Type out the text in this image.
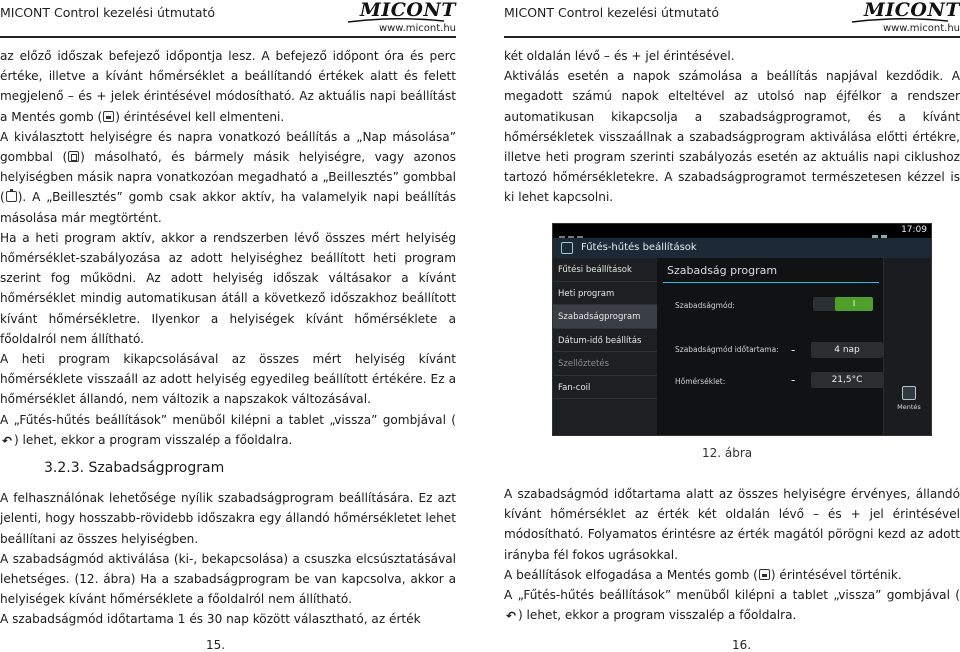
MICONT Control kezelési útmutató	MICONT
www.micont.hu

az előző időszak befejező időpontja lesz. A befejező időpont óra és perc értéke, illetve a kívánt hőmérséklet a beállítandó értékek alatt és felett megjelenő – és + jelek érintésével módosítható. Az aktuális napi beállítást a Mentés gomb ( ) érintésével kell elmenteni.

A kiválasztott helyiségre és napra vonatkozó beállítás a „Nap másolása” gombbal ( ) másolható, és bármely másik helyiségre, vagy azonos helyiségben másik napra vonatkozóan megadható a „Beillesztés” gombbal ( ). A „Beillesztés” gomb csak akkor aktív, ha valamelyik napi beállítás másolása már megtörtént.

Ha a heti program aktív, akkor a rendszerben lévő összes mért helyiség hőmérséklet-szabályozása az adott helyiséghez beállított heti program szerint fog működni. Az adott helyiség időszak váltásakor a kívánt hőmérséklet mindig automatikusan átáll a következő időszakhoz beállított kívánt hőmérsékletre. Ilyenkor a helyiségek kívánt hőmérséklete a főoldalról nem állítható.

A heti program kikapcsolásával az összes mért helyiség kívánt hőmérséklete visszaáll az adott helyiség egyedileg beállított értékére. Ez a hőmérséklet állandó, nem változik a napszakok változásával.

A „Fűtés-hűtés beállítások” menüből kilépni a tablet „vissza” gombjával (↶ ) lehet, ekkor a program visszalép a főoldalra.

3.2.3. Szabadságprogram

A felhasználónak lehetősége nyílik szabadságprogram beállítására. Ez azt jelenti, hogy hosszabb-rövidebb időszakra egy állandó hőmérsékletet lehet beállítani az összes helyiségben.

A szabadságmód aktiválása (ki-, bekapcsolása) a csuszka elcsúsztatásával lehetséges. (12. ábra) Ha a szabadságprogram be van kapcsolva, akkor a helyiségek kívánt hőmérséklete a főoldalról nem állítható.

A szabadságmód időtartama 1 és 30 nap között választható, az érték

15.
MICONT Control kezelési útmutató	MICONT
www.micont.hu

két oldalán lévő – és + jel érintésével.

Aktiválás esetén a napok számolása a beállítás napjával kezdődik. A megadott számú napok elteltével az utolsó nap éjfélkor a rendszer automatikusan kikapcsolja a szabadságprogramot, és a kívánt hőmérsékletek visszaállnak a szabadságprogram aktiválása előtti értékre, illetve heti program szerinti szabályozás esetén az aktuális napi ciklushoz tartozó hőmérsékletekre. A szabadságprogramot természetesen kézzel is ki lehet kapcsolni.

17:09
Fűtés-hűtés beállítások
Fűtési beállítások
Heti program
Szabadságprogram
Dátum-idő beállítás
Szellőztetés
Fan-coil
Szabadság program
Szabadságmód:	I
Szabadságmód időtartama: -	4 nap
Hőmérséklet:	-	21,5°C
Mentés
12. ábra

A szabadságmód időtartama alatt az összes helyiségre érvényes, állandó kívánt hőmérséklet az érték két oldalán lévő – és + jel érintésével módosítható. Folyamatos érintésre az érték magától pörögni kezd az adott irányba fél fokos ugrásokkal.

A beállítások elfogadása a Mentés gomb ( ) érintésével történik.

A „Fűtés-hűtés beállítások” menüből kilépni a tablet „vissza” gombjával (↶ ) lehet, ekkor a program visszalép a főoldalra.

16.
